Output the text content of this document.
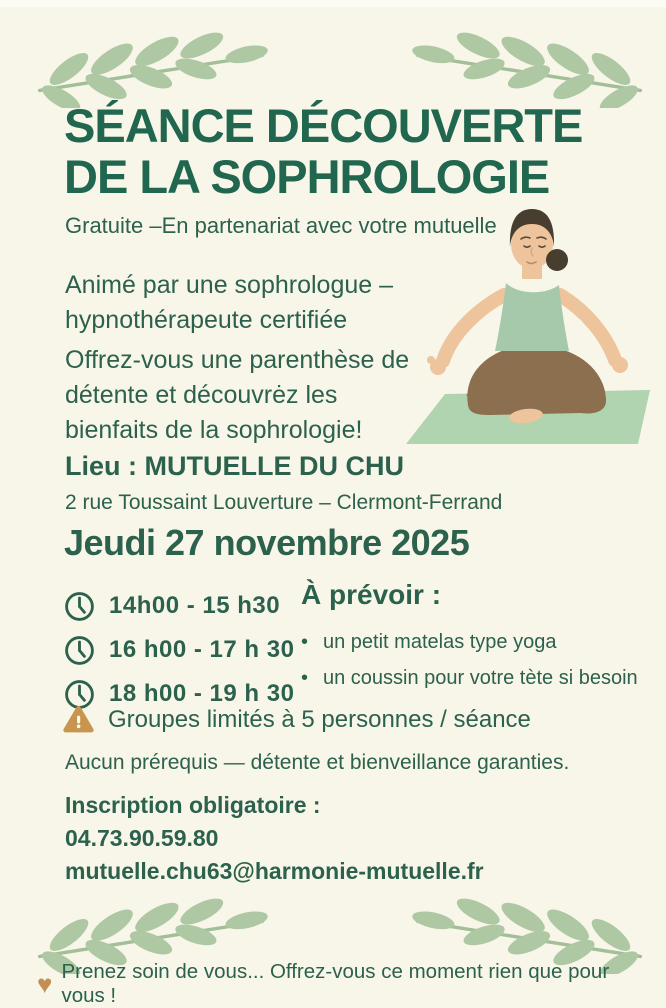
SÉANCE DÉCOUVERTE
DE LA SOPHROLOGIE
Gratuite –En partenariat avec votre mutuelle
Animé par une sophrologue –
hypnothérapeute certifiée
Offrez-vous une parenthèse de
détente et découvrėz les
bienfaits de la sophrologie!
Lieu : MUTUELLE DU CHU
2 rue Toussaint Louverture – Clermont-Ferrand
Jeudi 27 novembre 2025
14h00 - 15 h30
16 h00 - 17 h 30
18 h00 - 19 h 30
À prévoir :
• un petit matelas type yoga
• un coussin pour votre tète si besoin
Groupes limités à 5 personnes / séance
Aucun prérequis — détente et bienveillance garanties.
Inscription obligatoire :
04.73.90.59.80
mutuelle.chu63@harmonie-mutuelle.fr
♥ Prenez soin de vous... Offrez-vous ce moment rien que pour vous !
